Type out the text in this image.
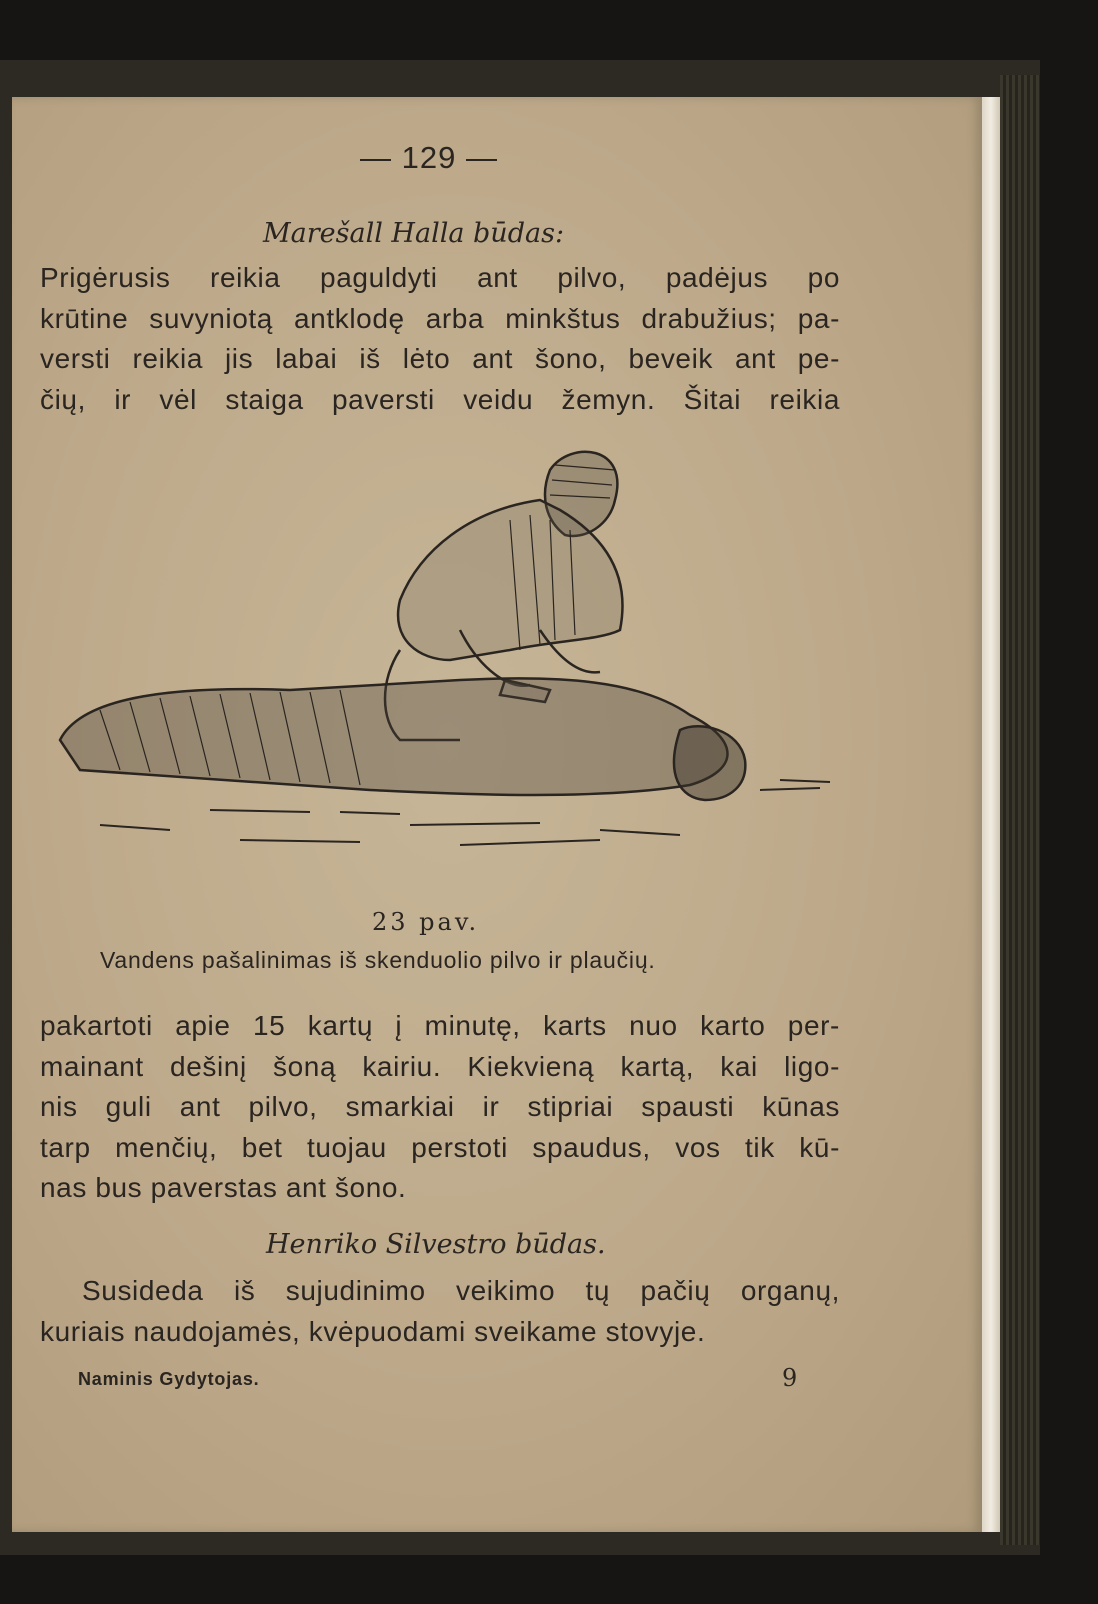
— 129 —
Marešall Halla būdas:
Prigėrusis reikia paguldyti ant pilvo, padėjus po
krūtine suvyniotą antklodę arba minkštus drabužius; pa-
versti reikia jis labai iš lėto ant šono, beveik ant pe-
čių, ir vėl staiga paversti veidu žemyn. Šitai reikia
23 pav.
Vandens pašalinimas iš skenduolio pilvo ir plaučių.
pakartoti apie 15 kartų į minutę, karts nuo karto per-
mainant dešinį šoną kairiu. Kiekvieną kartą, kai ligo-
nis guli ant pilvo, smarkiai ir stipriai spausti kūnas
tarp menčių, bet tuojau perstoti spaudus, vos tik kū-
nas bus paverstas ant šono.
Henriko Silvestro būdas.
Susideda iš sujudinimo veikimo tų pačių organų,
kuriais naudojamės, kvėpuodami sveikame stovyje.
Naminis Gydytojas.	9
